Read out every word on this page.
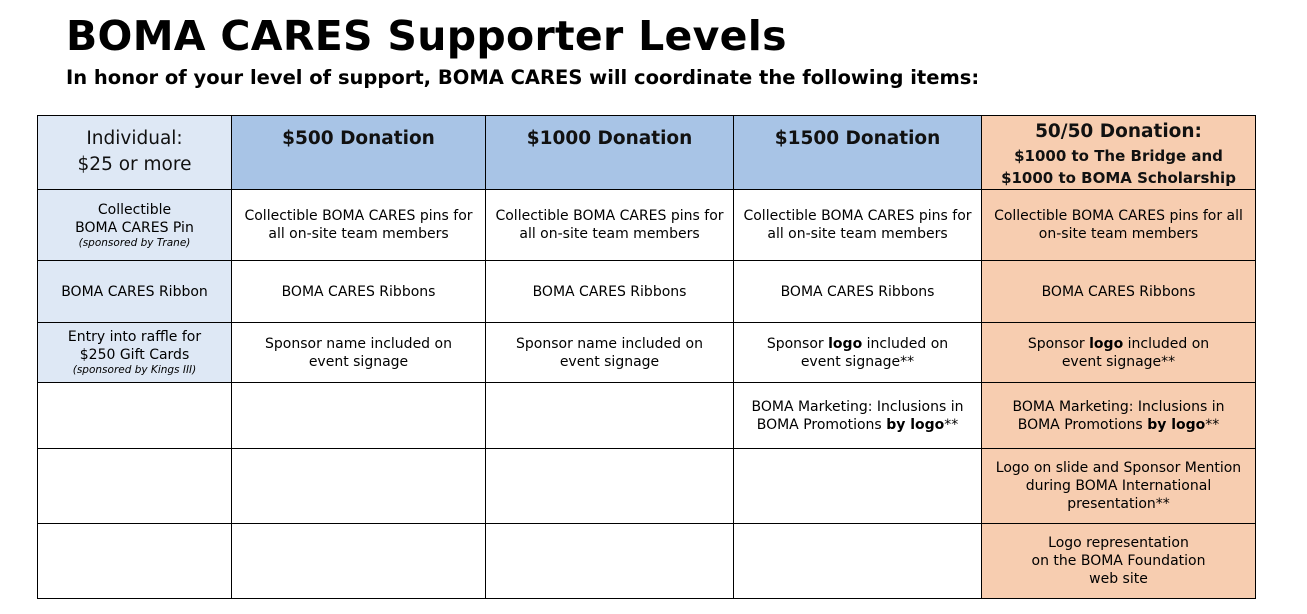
BOMA CARES Supporter Levels
In honor of your level of support, BOMA CARES will coordinate the following items:
Individual:
$25 or more	$500 Donation	$1000 Donation	$1500 Donation	50/50 Donation:
$1000 to The Bridge and
$1000 to BOMA Scholarship

Collectible
BOMA CARES Pin
(sponsored by Trane)	Collectible BOMA CARES pins for
all on-site team members	Collectible BOMA CARES pins for
all on-site team members	Collectible BOMA CARES pins for
all on-site team members	Collectible BOMA CARES pins for all
on-site team members

BOMA CARES Ribbon	BOMA CARES Ribbons	BOMA CARES Ribbons	BOMA CARES Ribbons	BOMA CARES Ribbons

Entry into raffle for
$250 Gift Cards
(sponsored by Kings III)	Sponsor name included on
event signage	Sponsor name included on
event signage	Sponsor logo included on
event signage**	Sponsor logo included on
event signage**

			BOMA Marketing: Inclusions in
BOMA Promotions by logo**	BOMA Marketing: Inclusions in
BOMA Promotions by logo**

				Logo on slide and Sponsor Mention
during BOMA International
presentation**

				Logo representation
on the BOMA Foundation
web site
